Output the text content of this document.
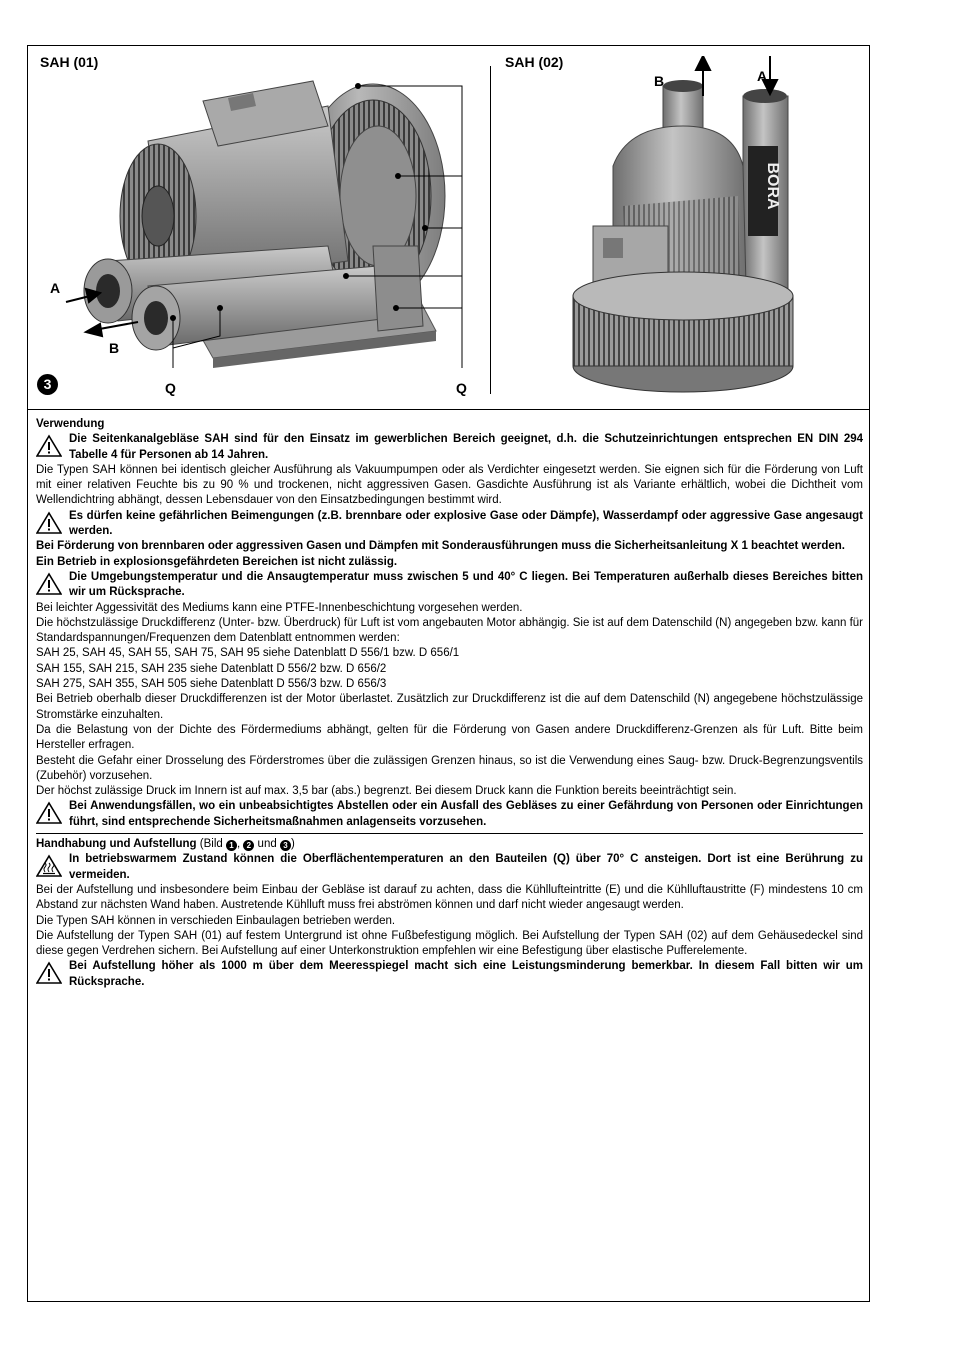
SAH (01)	SAH (02)
A
B
Q	Q
3
BORA
B	A

Verwendung

Die Seitenkanalgebläse SAH sind für den Einsatz im gewerblichen Bereich geeignet, d.h. die Schutzeinrichtungen entsprechen EN DIN 294 Tabelle 4 für Personen ab 14 Jahren.

Die Typen SAH können bei identisch gleicher Ausführung als Vakuumpumpen oder als Verdichter eingesetzt werden. Sie eignen sich für die Förderung von Luft mit einer relativen Feuchte bis zu 90 % und trockenen, nicht aggressiven Gasen. Gasdichte Ausführung ist als Variante erhältlich, wobei die Dichtheit vom Wellendichtring abhängt, dessen Lebensdauer von den Einsatzbedingungen bestimmt wird.

Es dürfen keine gefährlichen Beimengungen (z.B. brennbare oder explosive Gase oder Dämpfe), Wasserdampf oder aggressive Gase angesaugt werden.

Bei Förderung von brennbaren oder aggressiven Gasen und Dämpfen mit Sonderausführungen muss die Sicherheitsanleitung X 1 beachtet werden.

Ein Betrieb in explosionsgefährdeten Bereichen ist nicht zulässig.

Die Umgebungstemperatur und die Ansaugtemperatur muss zwischen 5 und 40° C liegen. Bei Temperaturen außerhalb dieses Bereiches bitten wir um Rücksprache.

Bei leichter Aggessivität des Mediums kann eine PTFE-Innenbeschichtung vorgesehen werden.

Die höchstzulässige Druckdifferenz (Unter- bzw. Überdruck) für Luft ist vom angebauten Motor abhängig. Sie ist auf dem Datenschild (N) angegeben bzw. kann für Standardspannungen/Frequenzen dem Datenblatt entnommen werden:

SAH 25, SAH 45, SAH 55, SAH 75, SAH 95 siehe Datenblatt D 556/1 bzw. D 656/1

SAH 155, SAH 215, SAH 235 siehe Datenblatt D 556/2 bzw. D 656/2

SAH 275, SAH 355, SAH 505 siehe Datenblatt D 556/3 bzw. D 656/3

Bei Betrieb oberhalb dieser Druckdifferenzen ist der Motor überlastet. Zusätzlich zur Druckdifferenz ist die auf dem Datenschild (N) angegebene höchstzulässige Stromstärke einzuhalten.

Da die Belastung von der Dichte des Fördermediums abhängt, gelten für die Förderung von Gasen andere Druckdifferenz-Grenzen als für Luft. Bitte beim Hersteller erfragen.

Besteht die Gefahr einer Drosselung des Förderstromes über die zulässigen Grenzen hinaus, so ist die Verwendung eines Saug- bzw. Druck-Begrenzungsventils (Zubehör) vorzusehen.

Der höchst zulässige Druck im Innern ist auf max. 3,5 bar (abs.) begrenzt. Bei diesem Druck kann die Funktion bereits beeinträchtigt sein.

Bei Anwendungsfällen, wo ein unbeabsichtigtes Abstellen oder ein Ausfall des Gebläses zu einer Gefährdung von Personen oder Einrichtungen führt, sind entsprechende Sicherheitsmaßnahmen anlagenseits vorzusehen.

Handhabung und Aufstellung (Bild 1 , 2 und 3 )

In betriebswarmem Zustand können die Oberflächentemperaturen an den Bauteilen (Q) über 70° C ansteigen. Dort ist eine Berührung zu vermeiden.

Bei der Aufstellung und insbesondere beim Einbau der Gebläse ist darauf zu achten, dass die Kühllufteintritte (E) und die Kühlluftaustritte (F) mindestens 10 cm Abstand zur nächsten Wand haben. Austretende Kühlluft muss frei abströmen können und darf nicht wieder angesaugt werden.

Die Typen SAH können in verschieden Einbaulagen betrieben werden.

Die Aufstellung der Typen SAH (01) auf festem Untergrund ist ohne Fußbefestigung möglich. Bei Aufstellung der Typen SAH (02) auf dem Gehäusedeckel sind diese gegen Verdrehen sichern. Bei Aufstellung auf einer Unterkonstruktion empfehlen wir eine Befestigung über elastische Pufferelemente.

Bei Aufstellung höher als 1000 m über dem Meeresspiegel macht sich eine Leistungsminderung bemerkbar. In diesem Fall bitten wir um Rücksprache.
